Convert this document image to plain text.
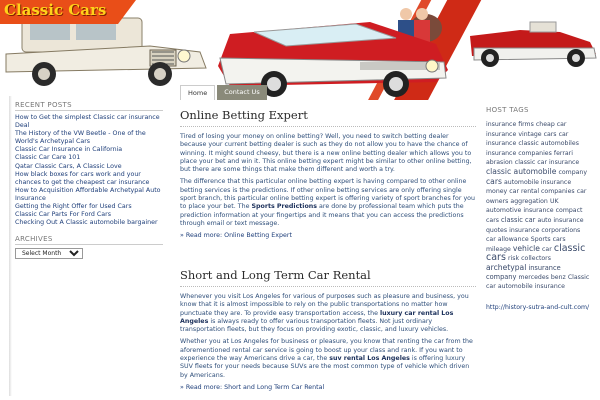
Classic Cars
Home	Contact Us
RECENT POSTS
How to Get the simplest Classic car insurance Deal
The History of the VW Beetle - One of the World's Archetypal Cars
Classic Car Insurance in California
Classic Car Care 101
Qatar Classic Cars, A Classic Love
How black boxes for cars work and your chances to get the cheapest car insurance
How to Acquisition Affordable Archetypal Auto Insurance
Getting the Right Offer for Used Cars
Classic Car Parts For Ford Cars
Checking Out A Classic automobile bargainer
ARCHIVES
Select Month
Online Betting Expert

Tired of losing your money on online betting? Well, you need to switch betting dealer because your current betting dealer is such as they do not allow you to have the chance of winning. It might sound cheesy, but there is a new online betting dealer which allows you to place your bet and win it. This online betting expert might be similar to other online betting, but there are some things that make them different and worth a try.

The difference that this particular online betting expert is having compared to other online betting services is the predictions. If other online betting services are only offering single sport branch, this particular online betting expert is offering variety of sport branches for you to place your bet. The Sports Predictions are done by professional team which puts the prediction information at your fingertips and it means that you can access the predictions through email or text message.

» Read more: Online Betting Expert
Short and Long Term Car Rental

Whenever you visit Los Angeles for various of purposes such as pleasure and business, you know that it is almost impossible to rely on the public transportations no matter how punctuate they are. To provide easy transportation access, the luxury car rental Los Angeles is always ready to offer various transportation fleets. Not just ordinary transportation fleets, but they focus on providing exotic, classic, and luxury vehicles.

Whether you at Los Angeles for business or pleasure, you know that renting the car from the aforementioned rental car service is going to boost up your class and rank. If you want to experience the way Americans drive a car, the suv rental Los Angeles is offering luxury SUV fleets for your needs because SUVs are the most common type of vehicle which driven by Americans.

» Read more: Short and Long Term Car Rental
HOST TAGS
insurance firms cheap car insurance vintage cars car insurance classic automobiles insurance companies ferrari abrasion classic car insurance classic automobile company cars automobile insurance money car rental companies car owners aggregation UK automotive insurance compact cars classic car auto insurance quotes insurance corporations car allowance Sports cars mileage vehicle car classic cars risk collectors archetypal insurance company mercedes benz Classic car automobile insurance
http://history-sutra-and-cult.com/
